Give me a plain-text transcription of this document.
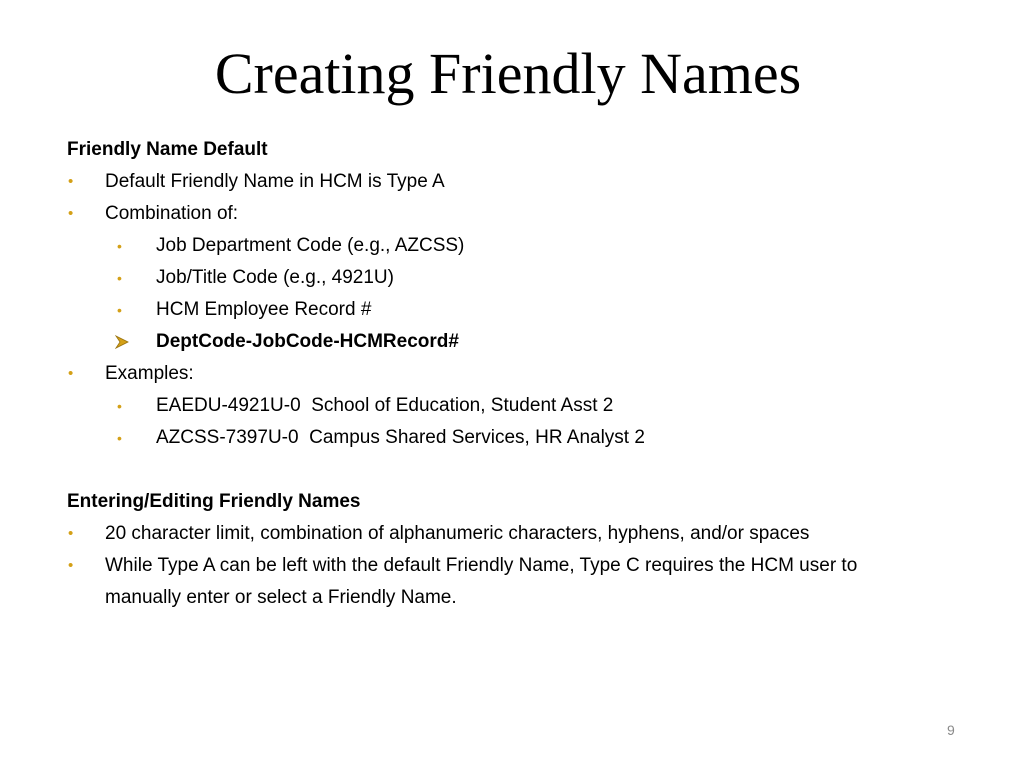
Creating Friendly Names
Friendly Name Default
• Default Friendly Name in HCM is Type A
• Combination of:
• Job Department Code (e.g., AZCSS)
• Job/Title Code (e.g., 4921U)
• HCM Employee Record #
DeptCode-JobCode-HCMRecord#
• Examples:
• EAEDU-4921U-0  School of Education, Student Asst 2
• AZCSS-7397U-0  Campus Shared Services, HR Analyst 2
Entering/Editing Friendly Names
• 20 character limit, combination of alphanumeric characters, hyphens, and/or spaces
• While Type A can be left with the default Friendly Name, Type C requires the HCM user to  manually enter or select a Friendly Name.
9
